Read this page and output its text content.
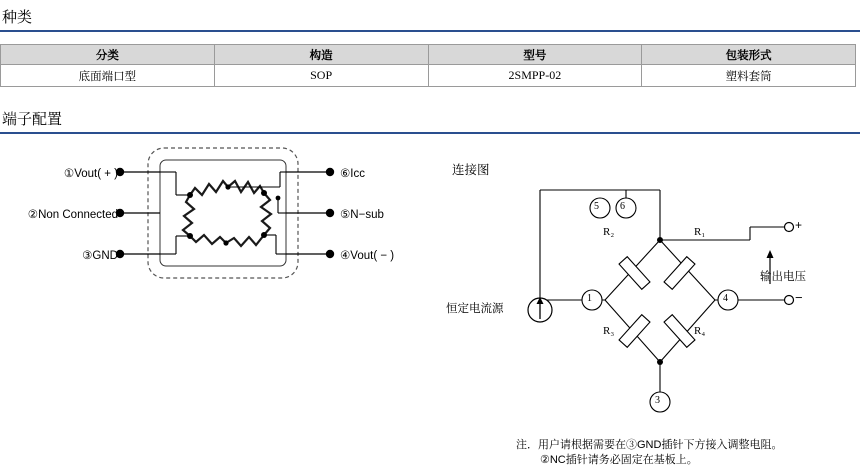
种类
分类	构造	型号	包装形式
底面端口型	SOP	2SMPP-02	塑料套筒
端子配置
①Vout( + )
②Non Connected
③GND
⑥Icc
⑤N−sub
④Vout( − )
连接图
R₂	R₁
R₃	R₄
5 6
1	4
3
恒定电流源
输出电压
+
−
注．用户请根据需要在③GND插针下方接入调整电阻。
②NC插针请务必固定在基板上。
